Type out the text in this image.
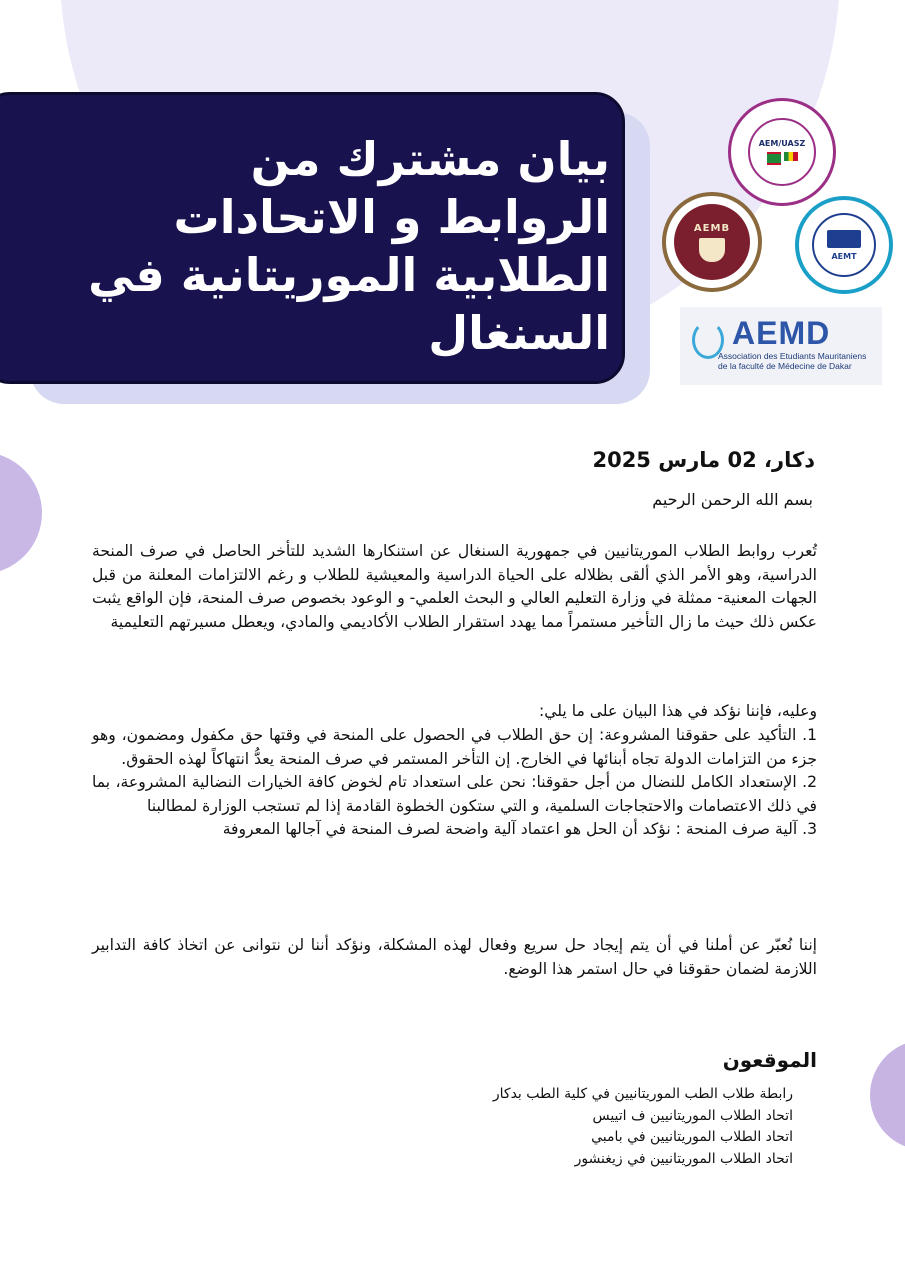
بيان مشترك من الروابط و الاتحادات الطلابية الموريتانية في السنغال
AEM/UASZ
AEMB
AEMT
AEMD
Association des Etudiants Mauritaniens de la faculté de Médecine de Dakar

دكار، 02 مارس 2025

بسم الله الرحمن الرحيم

تُعرب روابط الطلاب الموريتانيين في جمهورية السنغال عن استنكارها الشديد للتأخر الحاصل في صرف المنحة الدراسية، وهو الأمر الذي ألقى بظلاله على الحياة الدراسية والمعيشية للطلاب و رغم الالتزامات المعلنة من قبل الجهات المعنية- ممثلة في وزارة التعليم العالي و البحث العلمي- و الوعود بخصوص صرف المنحة، فإن الواقع يثبت عكس ذلك حيث ما زال التأخير مستمراً مما يهدد استقرار الطلاب الأكاديمي والمادي، ويعطل مسيرتهم التعليمية

وعليه، فإننا نؤكد في هذا البيان على ما يلي:

1. التأكيد على حقوقنا المشروعة: إن حق الطلاب في الحصول على المنحة في وقتها حق مكفول ومضمون، وهو جزء من التزامات الدولة تجاه أبنائها في الخارج. إن التأخر المستمر في صرف المنحة يعدُّ انتهاكاً لهذه الحقوق.
2. الإستعداد الكامل للنضال من أجل حقوقنا: نحن على استعداد تام لخوض كافة الخيارات النضالية المشروعة، بما في ذلك الاعتصامات والاحتجاجات السلمية، و التي ستكون الخطوة القادمة إذا لم تستجب الوزارة لمطالبنا
3. آلية صرف المنحة : نؤكد أن الحل هو اعتماد آلية واضحة لصرف المنحة في آجالها المعروفة

إننا نُعبّر عن أملنا في أن يتم إيجاد حل سريع وفعال لهذه المشكلة، ونؤكد أننا لن نتوانى عن اتخاذ كافة التدابير اللازمة لضمان حقوقنا في حال استمر هذا الوضع.

الموقعون
رابطة طلاب الطب الموريتانيين في كلية الطب بدكار
اتحاد الطلاب الموريتانيين ف اتييس
اتحاد الطلاب الموريتانيين في بامبي
اتحاد الطلاب الموريتانيين في زيغنشور
